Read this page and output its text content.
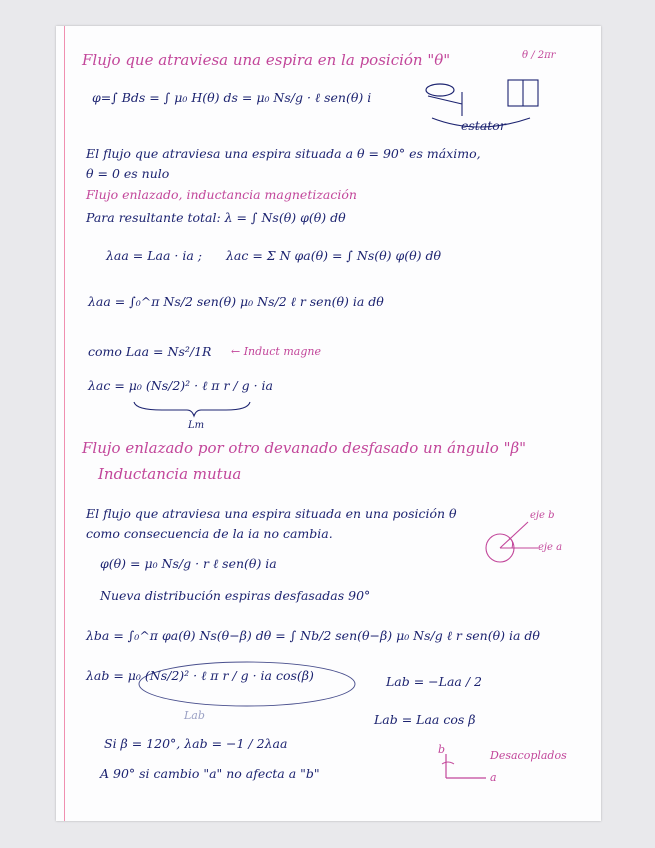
Flujo que atraviesa una espira en la posición "θ"	θ / 2πr
estator
φ=∫ Bds = ∫ μ₀ H(θ) ds = μ₀ Ns/g · ℓ sen(θ) i
El flujo que atraviesa una espira situada a θ = 90° es máximo,
θ = 0 es nulo
Flujo enlazado, inductancia magnetización
Para resultante total: λ = ∫ Ns(θ) φ(θ) dθ
λaa = Laa · ia ; λac = Σ N φa(θ) = ∫ Ns(θ) φ(θ) dθ
λaa = ∫₀^π Ns/2 sen(θ) μ₀ Ns/2 ℓ r sen(θ) ia dθ
como Laa = Ns²/1R ← Induct magne
λac = μ₀ (Ns/2)² · ℓ π r / g · ia
Lm
Flujo enlazado por otro devanado desfasado un ángulo "β"
Inductancia mutua
El flujo que atraviesa una espira situada en una posición θ
como consecuencia de la ia no cambia.
eje b
eje a
φ(θ) = μ₀ Ns/g · r ℓ sen(θ) ia
Nueva distribución espiras desfasadas 90°
λba = ∫₀^π φa(θ) Ns(θ−β) dθ = ∫ Nb/2 sen(θ−β) μ₀ Ns/g ℓ r sen(θ) ia dθ
λab = μ₀ (Ns/2)² · ℓ π r / g · ia cos(β)	Lab = −Laa / 2
Lab	Lab = Laa cos β
Si β = 120°, λab = −1 / 2λaa	b
a
Desacoplados
A 90° si cambio "a" no afecta a "b"
